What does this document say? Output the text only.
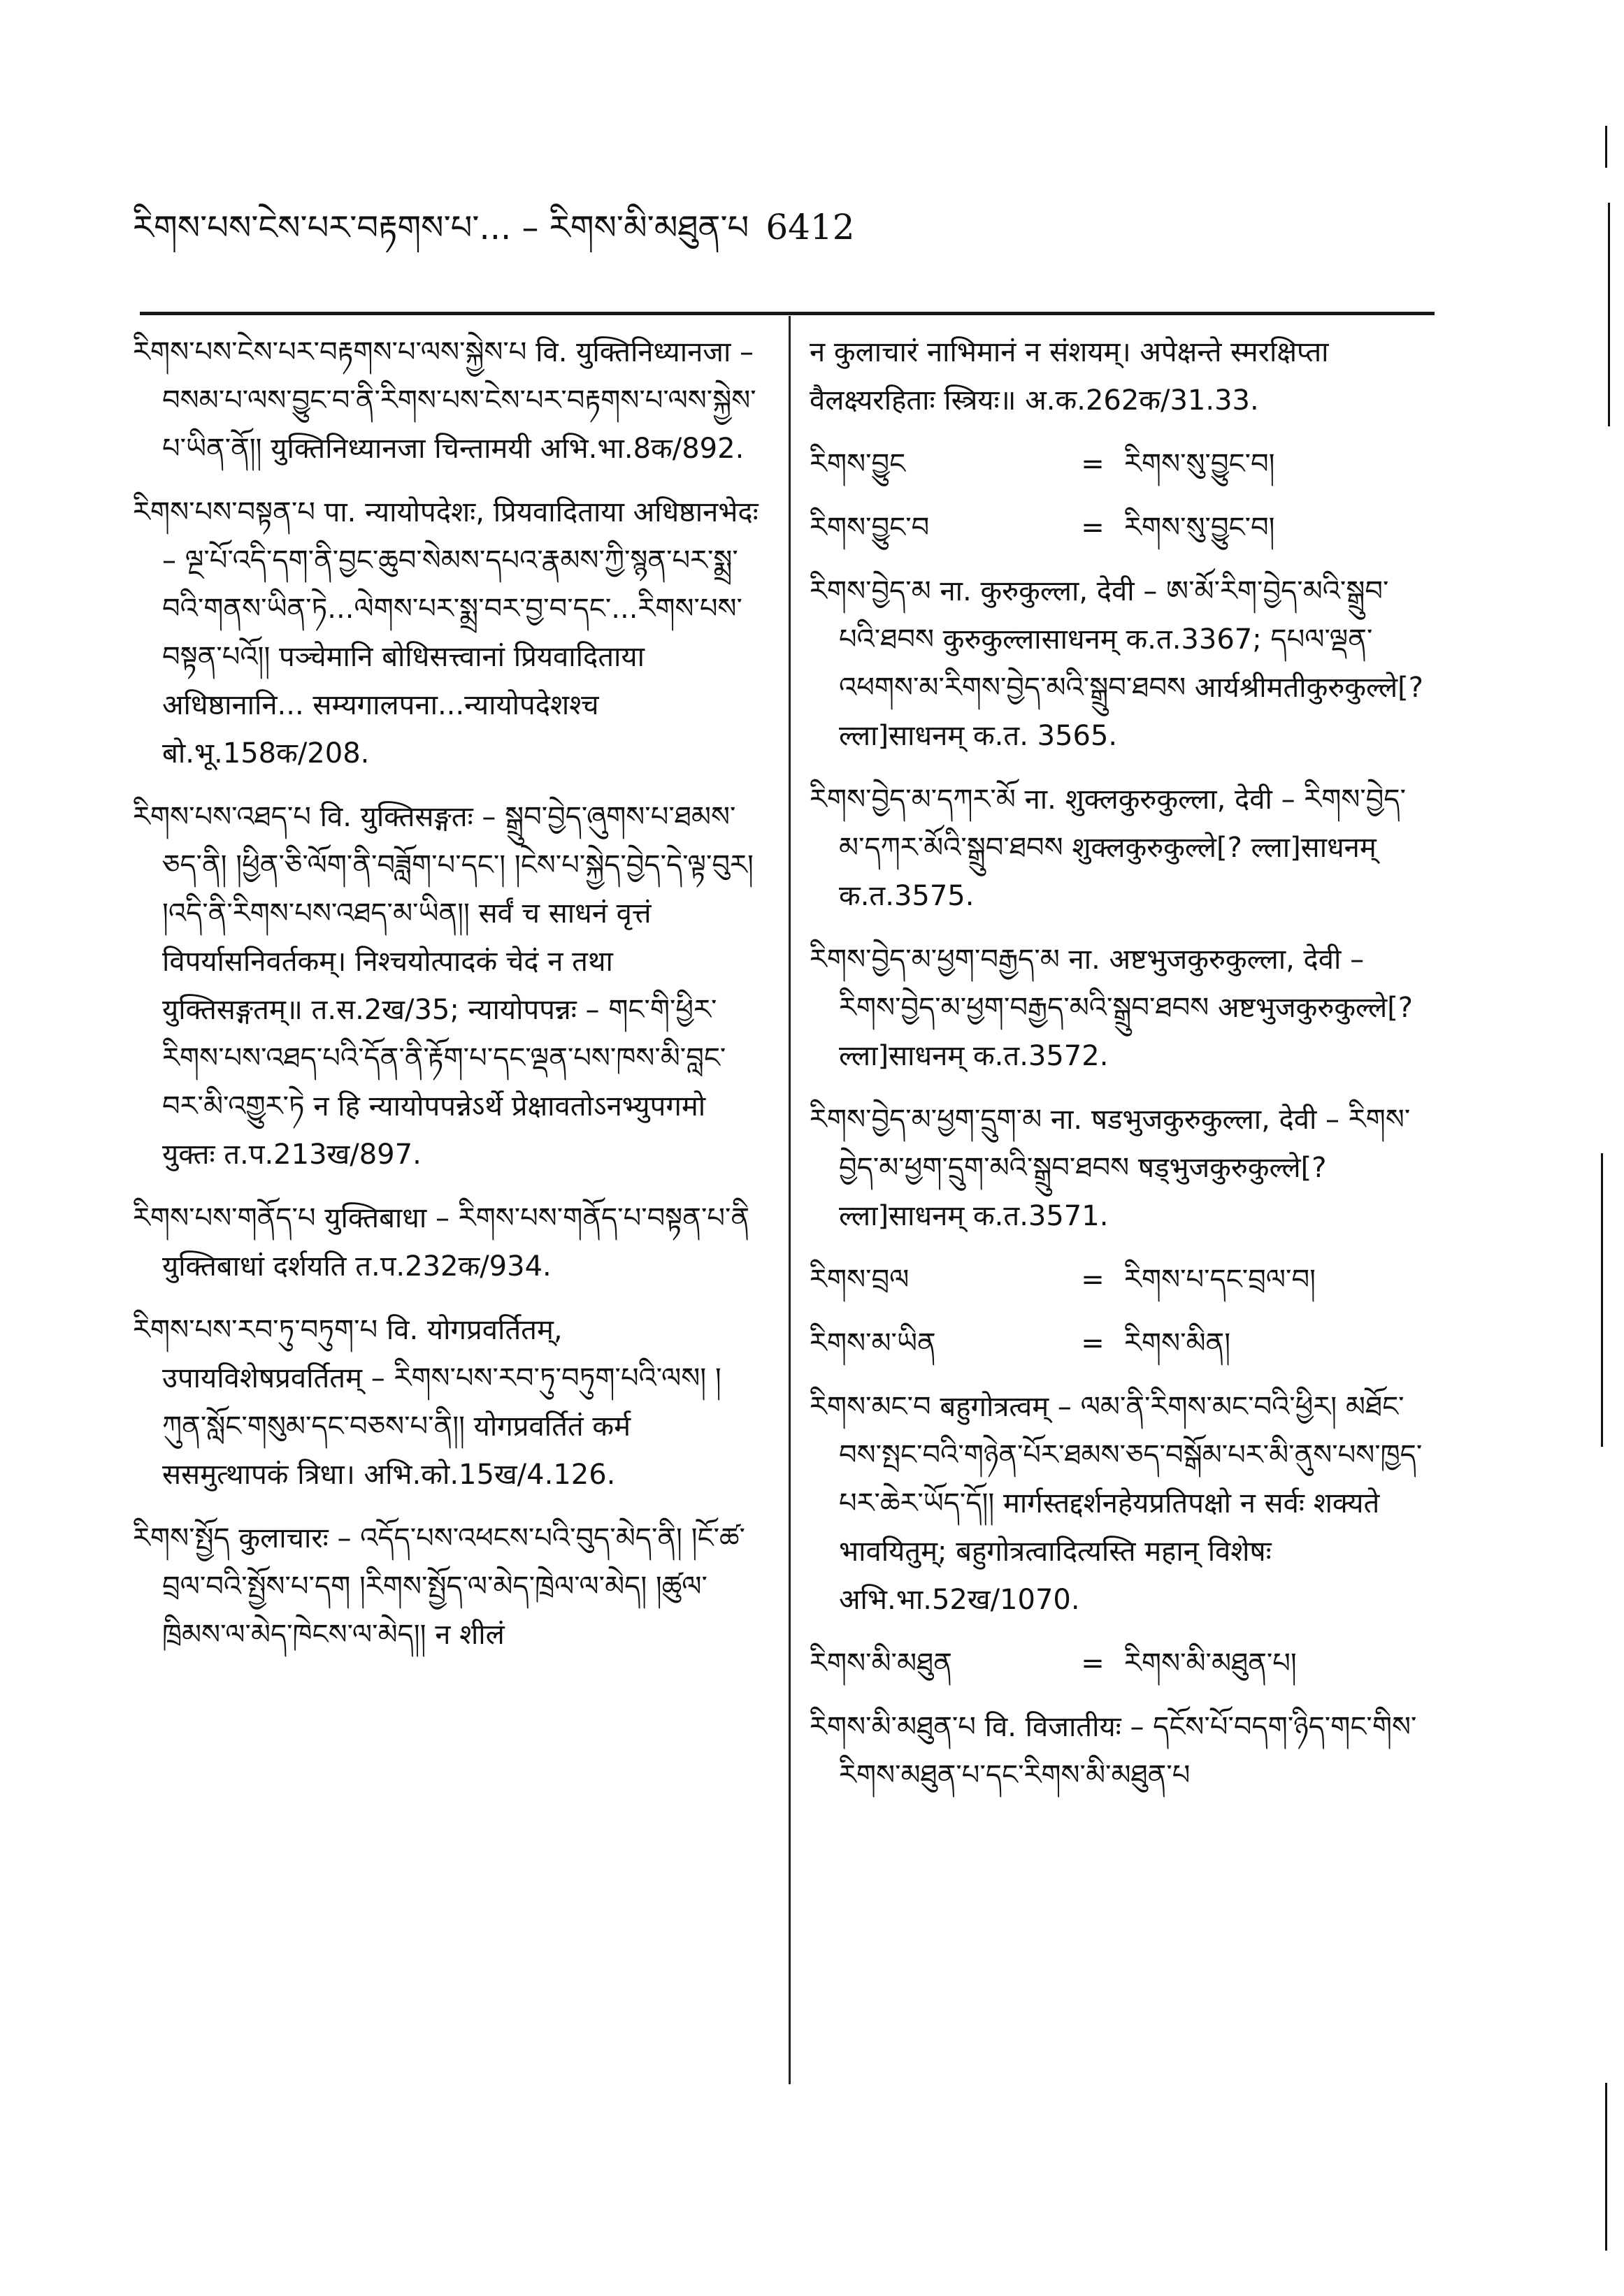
རིགས་པས་ངེས་པར་བརྟགས་པ་... – རིགས་མི་མཐུན་པ 6412

རིགས་པས་ངེས་པར་བརྟགས་པ་ལས་སྐྱེས་པ वि. युक्तिनिध्यानजा – བསམ་པ་ལས་བྱུང་བ་ནི་རིགས་པས་ངེས་པར་བརྟགས་པ་ལས་སྐྱེས་པ་ཡིན་ནོ།། युक्तिनिध्यानजा चिन्तामयी अभि.भा.8क/892.

རིགས་པས་བསྟན་པ पा. न्यायोपदेशः, प्रियवादिताया अधिष्ठानभेदः – ལྔ་པོ་འདི་དག་ནི་བྱང་ཆུབ་སེམས་དཔའ་རྣམས་ཀྱི་སྙན་པར་སྨྲ་བའི་གནས་ཡིན་ཏེ...ལེགས་པར་སྨྲ་བར་བྱ་བ་དང་...རིགས་པས་བསྟན་པའོ།། पञ्चेमानि बोधिसत्त्वानां प्रियवादिताया अधिष्ठानानि... सम्यगालपना...न्यायोपदेशश्च बो.भू.158क/208.

རིགས་པས་འཐད་པ वि. युक्तिसङ्गतः – སྒྲུབ་བྱེད་ཞུགས་པ་ཐམས་ཅད་ནི། །ཕྱིན་ཅི་ལོག་ནི་བཟློག་པ་དང་། །ངེས་པ་སྐྱེད་བྱེད་དེ་ལྟ་བུར། །འདི་ནི་རིགས་པས་འཐད་མ་ཡིན།། सर्वं च साधनं वृत्तं विपर्यासनिवर्तकम्। निश्चयोत्पादकं चेदं न तथा युक्तिसङ्गतम्॥ त.स.2ख/35; न्यायोपपन्नः – གང་གི་ཕྱིར་རིགས་པས་འཐད་པའི་དོན་ནི་རྟོག་པ་དང་ལྡན་པས་ཁས་མི་བླང་བར་མི་འགྱུར་ཏེ न हि न्यायोपपन्नेऽर्थे प्रेक्षावतोऽनभ्युपगमो युक्तः त.प.213ख/897.

རིགས་པས་གནོད་པ युक्तिबाधा – རིགས་པས་གནོད་པ་བསྟན་པ་ནི युक्तिबाधां दर्शयति त.प.232क/934.

རིགས་པས་རབ་ཏུ་བཏུག་པ वि. योगप्रवर्तितम्, उपायविशेषप्रवर्तितम् – རིགས་པས་རབ་ཏུ་བཏུག་པའི་ལས། །ཀུན་སློང་གསུམ་དང་བཅས་པ་ནི།། योगप्रवर्तितं कर्म ससमुत्थापकं त्रिधा। अभि.को.15ख/4.126.

རིགས་སྤྱོད कुलाचारः – འདོད་པས་འཕངས་པའི་བུད་མེད་ནི། །ངོ་ཚ་བྲལ་བའི་སྤྱོས་པ་དག །རིགས་སྤྱོད་ལ་མེད་ཁྲེལ་ལ་མེད། །ཚུལ་ཁྲིམས་ལ་མེད་ཁེངས་ལ་མེད།། न शीलं

न कुलाचारं नाभिमानं न संशयम्। अपेक्षन्ते स्मरक्षिप्ता वैलक्ष्यरहिताः स्त्रियः॥ अ.क.262क/31.33.

རིགས་བྱུང	= རིགས་སུ་བྱུང་བ།
རིགས་བྱུང་བ	= རིགས་སུ་བྱུང་བ།

རིགས་བྱེད་མ ना. कुरुकुल्ला, देवी – ཨ་མོ་རིག་བྱེད་མའི་སྒྲུབ་པའི་ཐབས कुरुकुल्लासाधनम् क.त.3367; དཔལ་ལྡན་འཕགས་མ་རིགས་བྱེད་མའི་སྒྲུབ་ཐབས आर्यश्रीमतीकुरुकुल्ले[? ल्ला]साधनम् क.त. 3565.

རིགས་བྱེད་མ་དཀར་མོ ना. शुक्लकुरुकुल्ला, देवी – རིགས་བྱེད་མ་དཀར་མོའི་སྒྲུབ་ཐབས शुक्लकुरुकुल्ले[? ल्ला]साधनम् क.त.3575.

རིགས་བྱེད་མ་ཕྱག་བརྒྱད་མ ना. अष्टभुजकुरुकुल्ला, देवी – རིགས་བྱེད་མ་ཕྱག་བརྒྱད་མའི་སྒྲུབ་ཐབས अष्टभुजकुरुकुल्ले[? ल्ला]साधनम् क.त.3572.

རིགས་བྱེད་མ་ཕྱག་དྲུག་མ ना. षडभुजकुरुकुल्ला, देवी – རིགས་བྱེད་མ་ཕྱག་དྲུག་མའི་སྒྲུབ་ཐབས षड्भुजकुरुकुल्ले[? ल्ला]साधनम् क.त.3571.

རིགས་བྲལ	= རིགས་པ་དང་བྲལ་བ།
རིགས་མ་ཡིན	= རིགས་མིན།

རིགས་མང་བ बहुगोत्रत्वम् – ལམ་ནི་རིགས་མང་བའི་ཕྱིར། མཐོང་བས་སྤང་བའི་གཉེན་པོར་ཐམས་ཅད་བསྒོམ་པར་མི་ནུས་པས་ཁྱད་པར་ཆེར་ཡོད་དོ།། मार्गस्तद्दर्शनहेयप्रतिपक्षो न सर्वः शक्यते भावयितुम्; बहुगोत्रत्वादित्यस्ति महान् विशेषः अभि.भा.52ख/1070.

རིགས་མི་མཐུན	= རིགས་མི་མཐུན་པ།

རིགས་མི་མཐུན་པ वि. विजातीयः – དངོས་པོ་བདག་ཉིད་གང་གིས་རིགས་མཐུན་པ་དང་རིགས་མི་མཐུན་པ
